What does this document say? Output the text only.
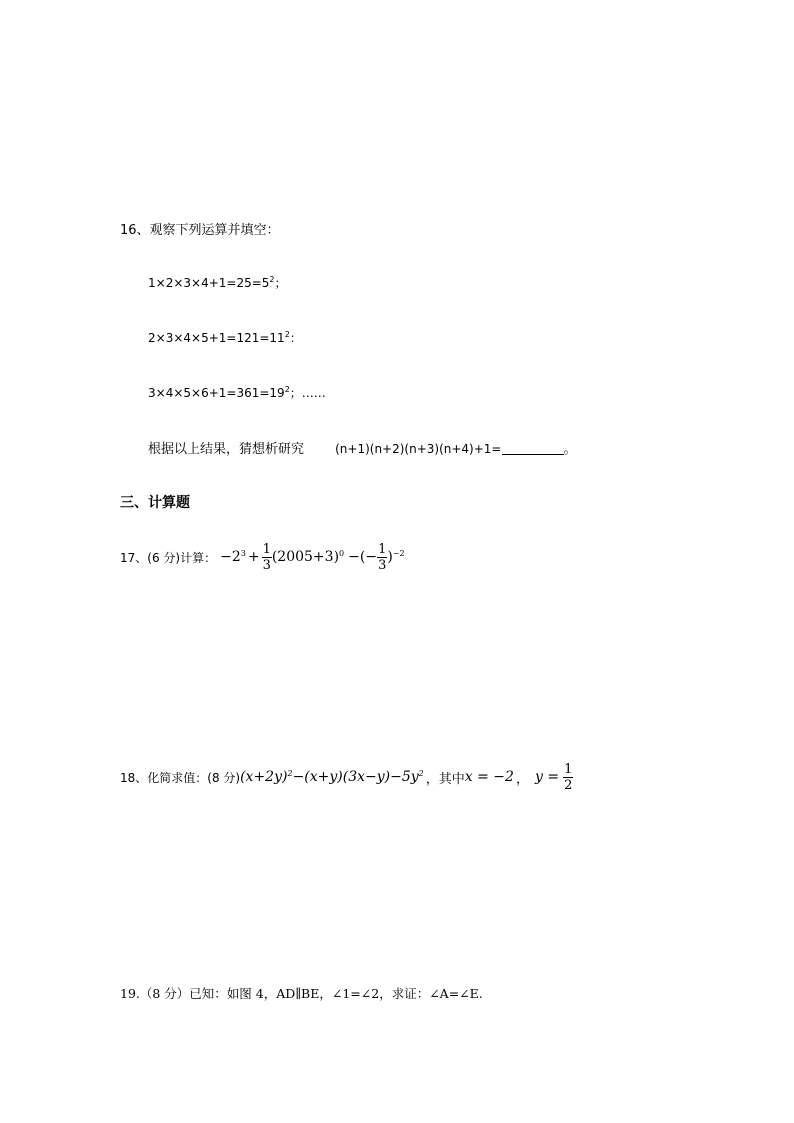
16、观察下列运算并填空：
$1\times 2\times 3\times 4+1=25=5^2$；
$2\times 3\times 4\times 5+1=121=11^2$：
$3\times 4\times 5\times 6+1=361=19^2$；……
根据以上结果，猜想析研究	(n+1)(n+2)(n+3)(n+4)+1=	。
三、计算题
17、(6 分)计算： $-2^3 + \frac{1}{3} (2005+3)^0$ −(− $\frac{1}{3} )^{-2}$
18、化简求值：(8 分) $(x+2y)^2 -(x+y)(3x-y)-5y^2$ ，其中 x = −2 ， $y = \frac{1}{2}$
19.（8 分）已知：如图 4，AD∥BE，∠1=∠2，求证：∠A=∠E.
